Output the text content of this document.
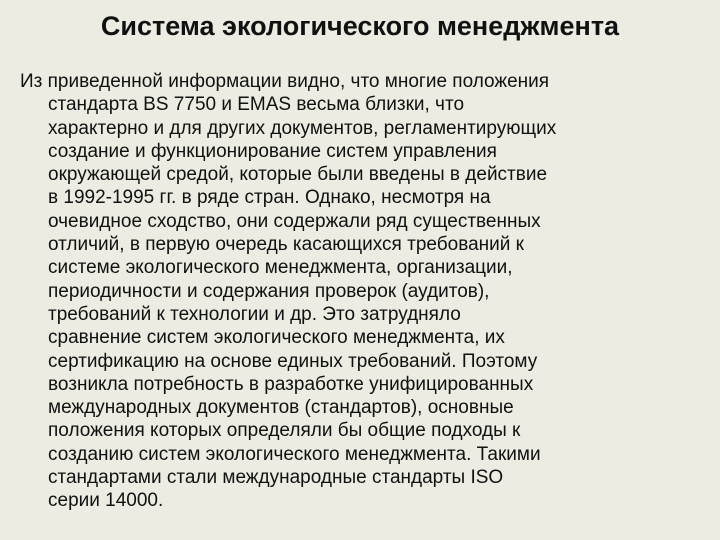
Система экологического менеджмента
Из приведенной информации видно, что многие положения
стандарта BS 7750 и EMAS весьма близки, что
характерно и для других документов, регламентирующих
создание и функционирование систем управления
окружающей средой, которые были введены в действие
в 1992-1995 гг. в ряде стран. Однако, несмотря на
очевидное сходство, они содержали ряд существенных
отличий, в первую очередь касающихся требований к
системе экологического менеджмента, организации,
периодичности и содержания проверок (аудитов),
требований к технологии и др. Это затрудняло
сравнение систем экологического менеджмента, их
сертификацию на основе единых требований. Поэтому
возникла потребность в разработке унифицированных
международных документов (стандартов), основные
положения которых определяли бы общие подходы к
созданию систем экологического менеджмента. Такими
стандартами стали международные стандарты ISO
серии 14000.
